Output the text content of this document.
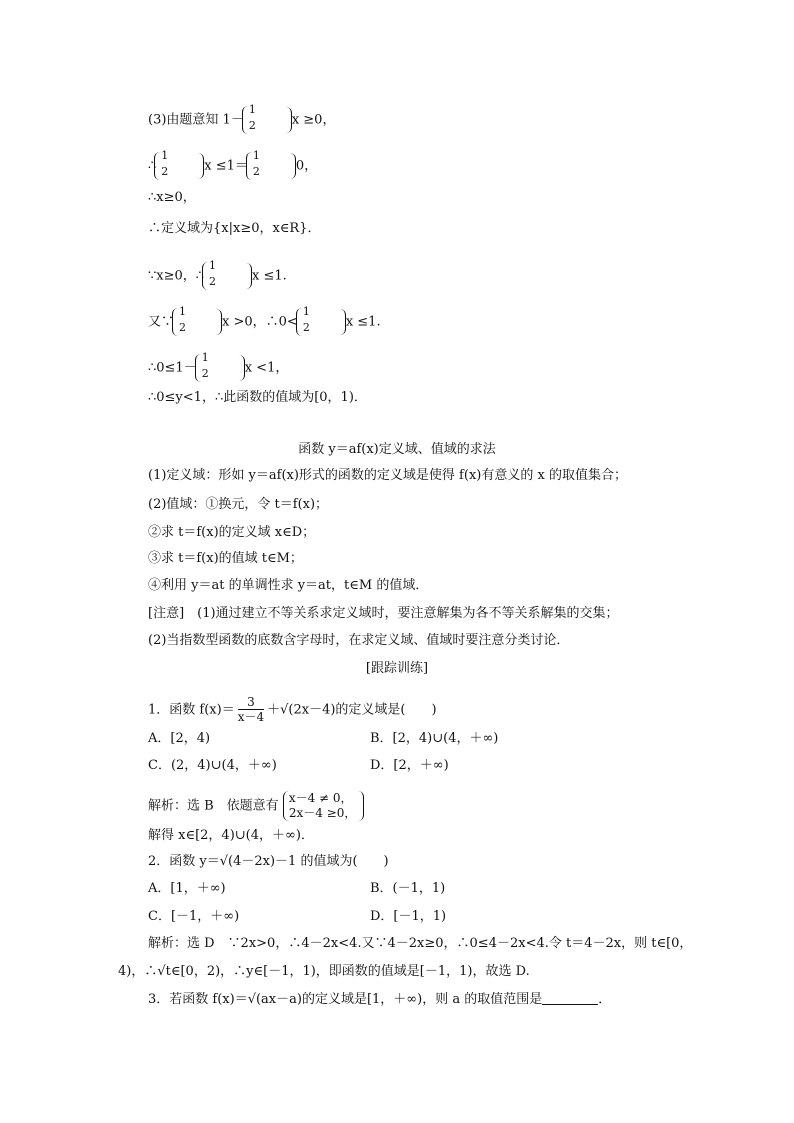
(3)由题意知 1－
1
2	x ≥0，
∴
1
2	x ≤1＝
1
2	0，
∴x≥0，
∴定义域为{x|x≥0，x∈R}．
∵x≥0，∴
1
2	x ≤1.
又∵
1
2	x >0，∴0<
1
2	x ≤1.
∴0≤1－
1
2	x <1，
∴0≤y<1，∴此函数的值域为[0，1)．
函数 y＝af(x)定义域、值域的求法
(1)定义域：形如 y＝af(x)形式的函数的定义域是使得 f(x)有意义的 x 的取值集合；
(2)值域：①换元，令 t＝f(x)；
②求 t＝f(x)的定义域 x∈D；
③求 t＝f(x)的值域 t∈M；
④利用 y＝at 的单调性求 y＝at，t∈M 的值域．
[注意]　(1)通过建立不等关系求定义域时，要注意解集为各不等关系解集的交集；
(2)当指数型函数的底数含字母时，在求定义域、值域时要注意分类讨论．
[跟踪训练]
1．函数 $f(x)= \frac{3}{x-4} +√(2x-4)$的定义域是(　　)
A．[2，4)	B．[2，4)∪(4，＋∞)
C．(2，4)∪(4，＋∞)	D．[2，＋∞)
解析：选 B　依题意有
x－4 ≠ 0，
2x－4 ≥0，
解得 x∈[2，4)∪(4，＋∞)．
2．函数 y＝√(4－2x)－1 的值域为(　　)
A．[1，＋∞)	B．(－1，1)
C．[－1，＋∞)	D．[－1，1)
解析：选 D　∵2x>0，∴4－2x<4.又∵4－2x≥0，∴0≤4－2x<4.令 t＝4－2x，则 t∈[0，
4)，∴√t∈[0，2)，∴y∈[－1，1)，即函数的值域是[－1，1)，故选 D.
3．若函数 f(x)＝√(ax－a)的定义域是[1，＋∞)，则 a 的取值范围是	．
